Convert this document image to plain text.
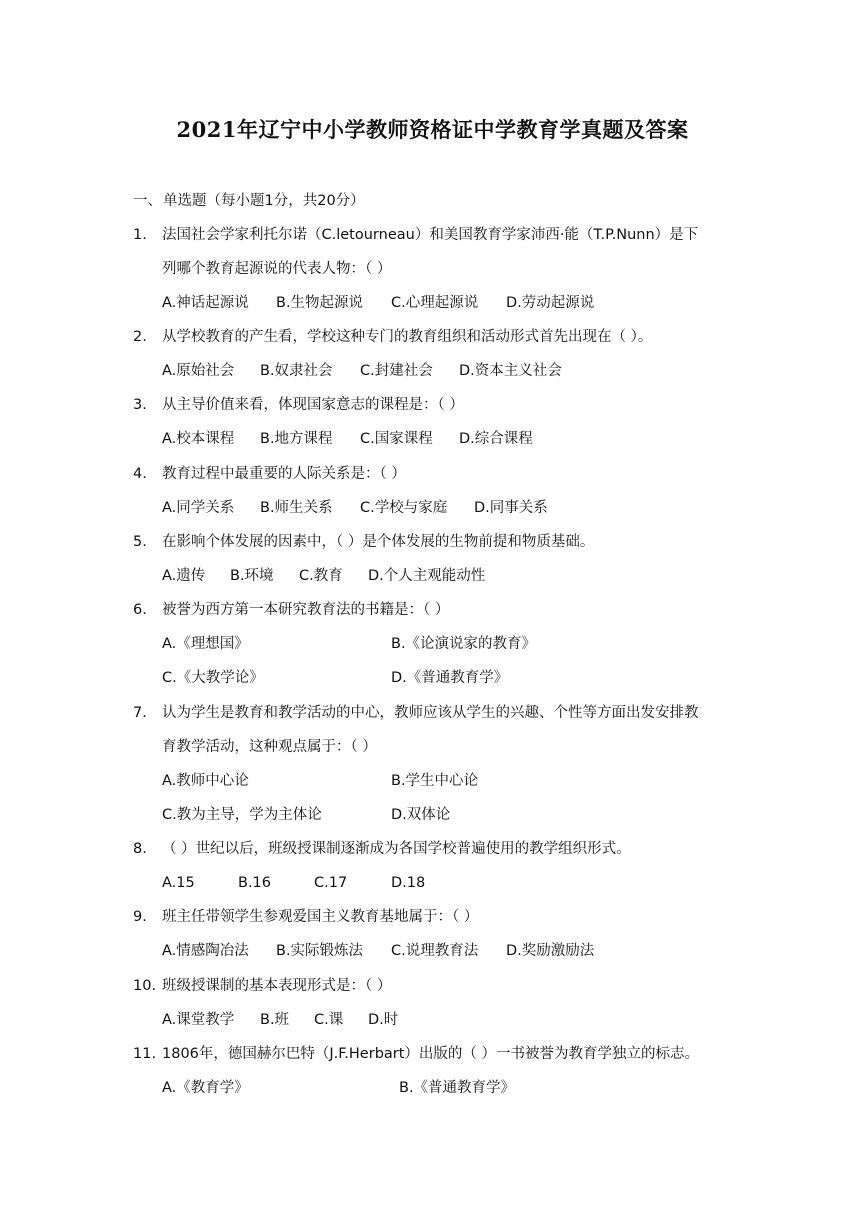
2021年辽宁中小学教师资格证中学教育学真题及答案
一、 单选题（每小题1分，共20分）
1. 法国社会学家利托尔诺（C.letourneau）和美国教育学家沛西·能（T.P.Nunn）是下
列哪个教育起源说的代表人物：（ ）
A.神话起源说 B.生物起源说 C.心理起源说 D.劳动起源说
2. 从学校教育的产生看，学校这种专门的教育组织和活动形式首先出现在（ ）。
A.原始社会 B.奴隶社会 C.封建社会 D.资本主义社会
3. 从主导价值来看，体现国家意志的课程是：（ ）
A.校本课程 B.地方课程 C.国家课程 D.综合课程
4. 教育过程中最重要的人际关系是：（ ）
A.同学关系 B.师生关系 C.学校与家庭 D.同事关系
5. 在影响个体发展的因素中，（ ）是个体发展的生物前提和物质基础。
A.遗传 B.环境 C.教育 D.个人主观能动性
6. 被誉为西方第一本研究教育法的书籍是：（ ）
A.《理想国》	B.《论演说家的教育》
C.《大教学论》	D.《普通教育学》
7. 认为学生是教育和教学活动的中心，教师应该从学生的兴趣、个性等方面出发安排教
育教学活动，这种观点属于：（ ）
A.教师中心论	B.学生中心论
C.教为主导，学为主体论	D.双体论
8. （ ）世纪以后，班级授课制逐渐成为各国学校普遍使用的教学组织形式。
A.15	B.16	C.17	D.18
9. 班主任带领学生参观爱国主义教育基地属于：（ ）
A.情感陶冶法 B.实际锻炼法 C.说理教育法 D.奖励激励法
10. 班级授课制的基本表现形式是：（ ）
A.课堂教学 B.班 C.课 D.时
11. 1806年，德国赫尔巴特（J.F.Herbart）出版的（ ）一书被誉为教育学独立的标志。
A.《教育学》	B.《普通教育学》
